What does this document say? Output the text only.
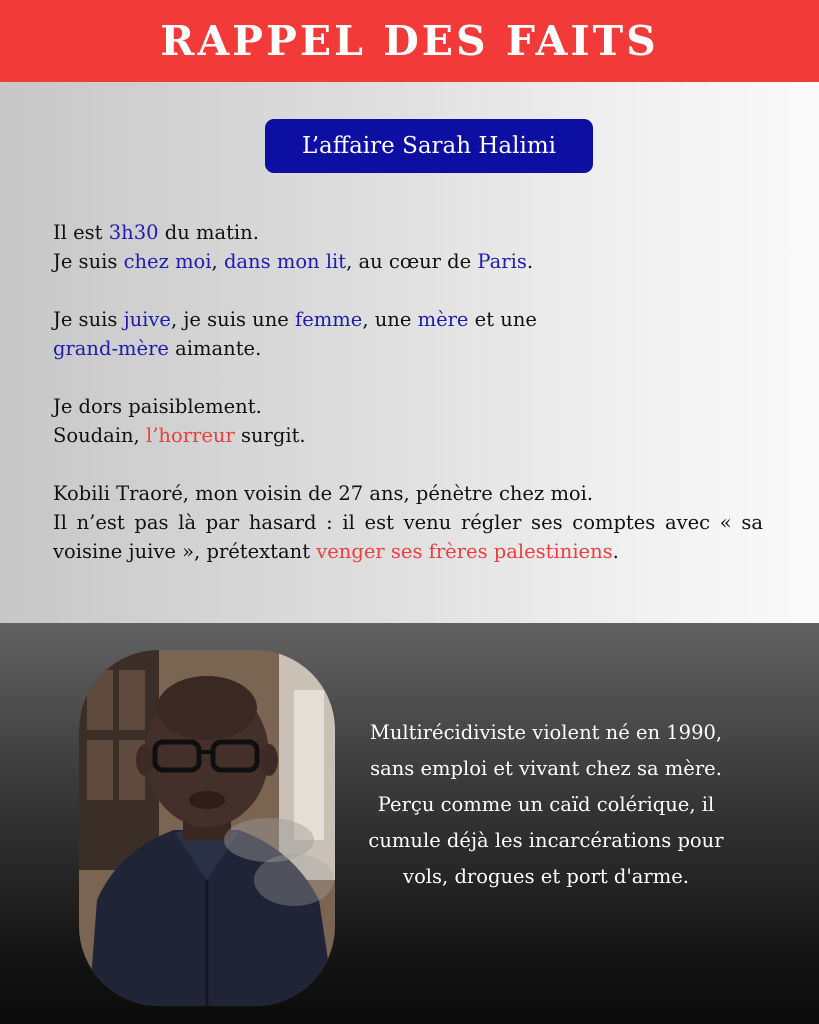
RAPPEL DES FAITS
L’affaire Sarah Halimi

Il est 3h30 du matin.
Je suis chez moi, dans mon lit, au cœur de Paris.

Je suis juive, je suis une femme, une mère et une
grand-mère aimante.

Je dors paisiblement.
Soudain, l’horreur surgit.

Kobili Traoré, mon voisin de 27 ans, pénètre chez moi.
Il n’est pas là par hasard : il est venu régler ses comptes avec « sa voisine juive », prétextant venger ses frères palestiniens.

Multirécidiviste violent né en 1990, sans emploi et vivant chez sa mère. Perçu comme un caïd colérique, il cumule déjà les incarcérations pour vols, drogues et port d'arme.
